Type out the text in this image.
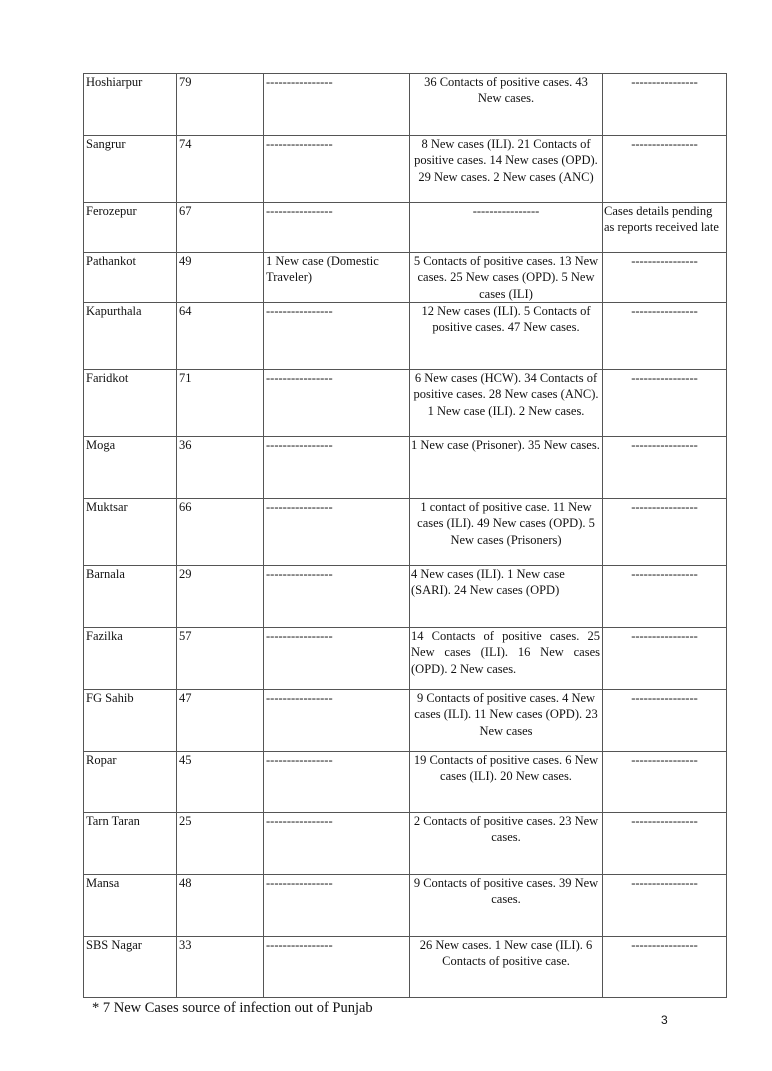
Hoshiarpur	79	----------------	36 Contacts of positive cases. 43 New cases.	----------------
Sangrur	74	----------------	8 New cases (ILI). 21 Contacts of positive cases. 14 New cases (OPD). 29 New cases. 2 New cases (ANC)	----------------
Ferozepur	67	----------------	----------------	Cases details pending as reports received late
Pathankot	49	1 New case (Domestic Traveler)	5 Contacts of positive cases. 13 New cases. 25 New cases (OPD). 5 New cases (ILI)	----------------
Kapurthala	64	----------------	12 New cases (ILI). 5 Contacts of positive cases. 47 New cases.	----------------
Faridkot	71	----------------	6 New cases (HCW). 34 Contacts of positive cases. 28 New cases (ANC). 1 New case (ILI). 2 New cases.	----------------
Moga	36	----------------	1 New case (Prisoner). 35 New cases.	----------------
Muktsar	66	----------------	1 contact of positive case. 11 New cases (ILI). 49 New cases (OPD). 5 New cases (Prisoners)	----------------
Barnala	29	----------------	4 New cases (ILI). 1 New case (SARI). 24 New cases (OPD)	----------------
Fazilka	57	----------------	14 Contacts of positive cases. 25 New cases (ILI). 16 New cases (OPD). 2 New cases.	----------------
FG Sahib	47	----------------	9 Contacts of positive cases. 4 New cases (ILI). 11 New cases (OPD). 23 New cases	----------------
Ropar	45	----------------	19 Contacts of positive cases. 6 New cases (ILI). 20 New cases.	----------------
Tarn Taran	25	----------------	2 Contacts of positive cases. 23 New cases.	----------------
Mansa	48	----------------	9 Contacts of positive cases. 39 New cases.	----------------
SBS Nagar	33	----------------	26 New cases. 1 New case (ILI). 6 Contacts of positive case.	----------------
* 7 New Cases source of infection out of Punjab
3
